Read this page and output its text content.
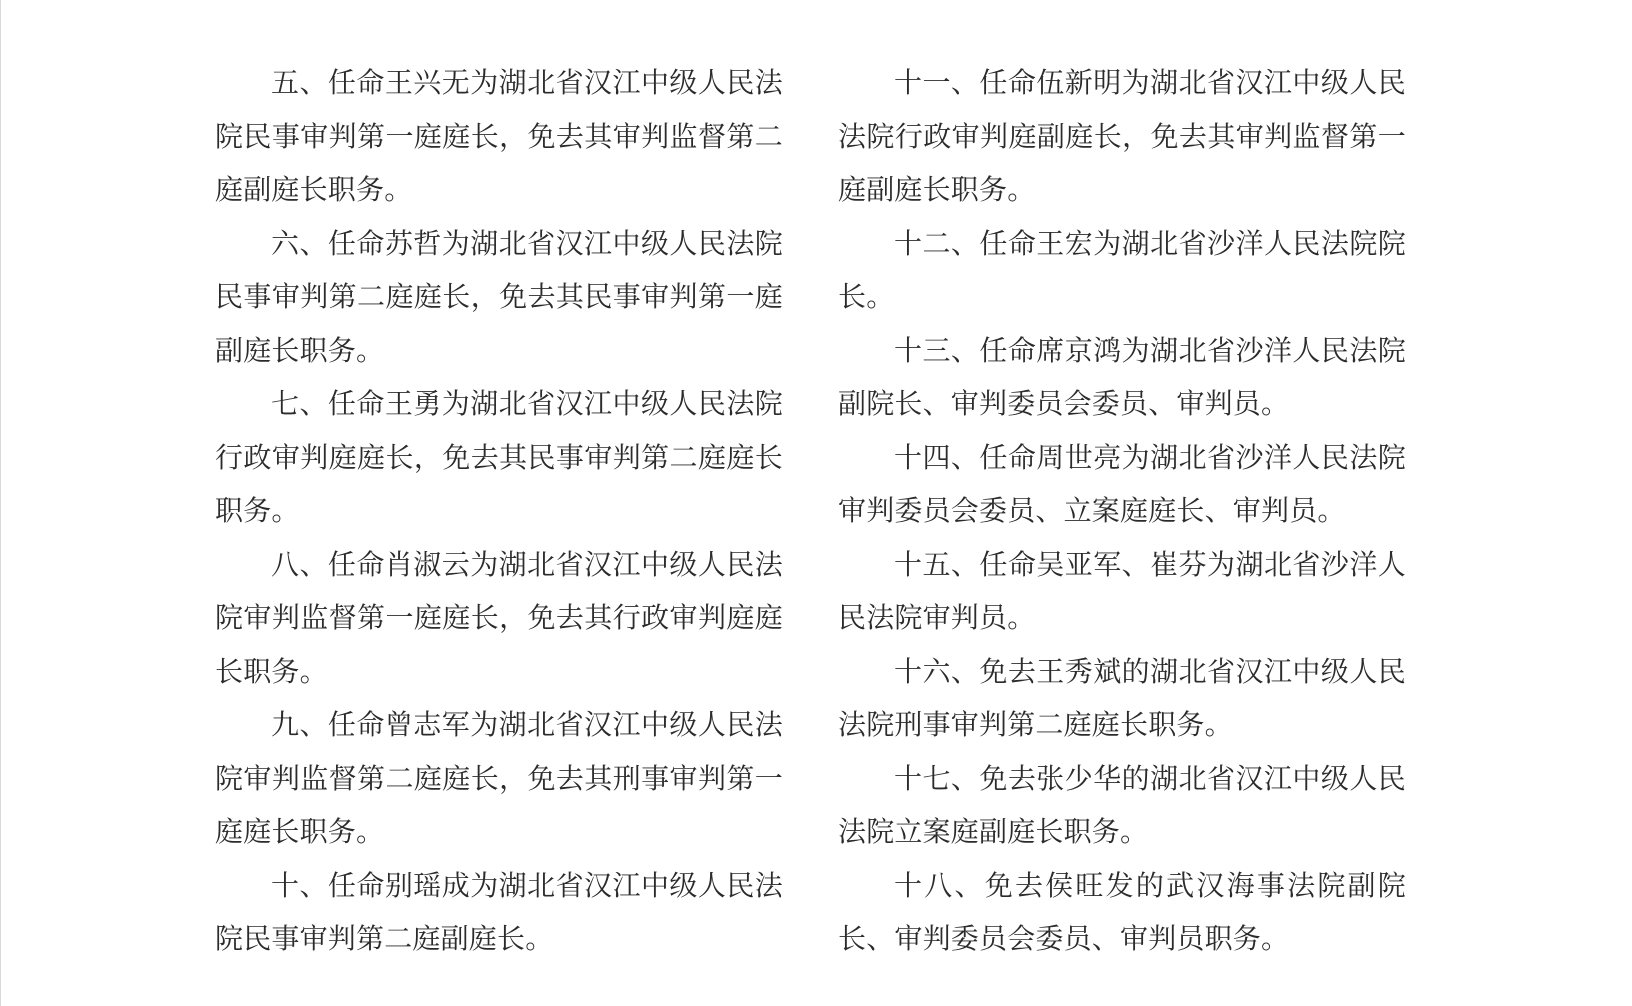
五、任命王兴无为湖北省汉江中级人民法院民事审判第一庭庭长，免去其审判监督第二庭副庭长职务。

六、任命苏哲为湖北省汉江中级人民法院民事审判第二庭庭长，免去其民事审判第一庭副庭长职务。

七、任命王勇为湖北省汉江中级人民法院行政审判庭庭长，免去其民事审判第二庭庭长职务。

八、任命肖淑云为湖北省汉江中级人民法院审判监督第一庭庭长，免去其行政审判庭庭长职务。

九、任命曾志军为湖北省汉江中级人民法院审判监督第二庭庭长，免去其刑事审判第一庭庭长职务。

十、任命别瑶成为湖北省汉江中级人民法院民事审判第二庭副庭长。

十一、任命伍新明为湖北省汉江中级人民法院行政审判庭副庭长，免去其审判监督第一庭副庭长职务。

十二、任命王宏为湖北省沙洋人民法院院长。

十三、任命席京鸿为湖北省沙洋人民法院副院长、审判委员会委员、审判员。

十四、任命周世亮为湖北省沙洋人民法院审判委员会委员、立案庭庭长、审判员。

十五、任命吴亚军、崔芬为湖北省沙洋人民法院审判员。

十六、免去王秀斌的湖北省汉江中级人民法院刑事审判第二庭庭长职务。

十七、免去张少华的湖北省汉江中级人民法院立案庭副庭长职务。

十八、免去侯旺发的武汉海事法院副院长、审判委员会委员、审判员职务。
